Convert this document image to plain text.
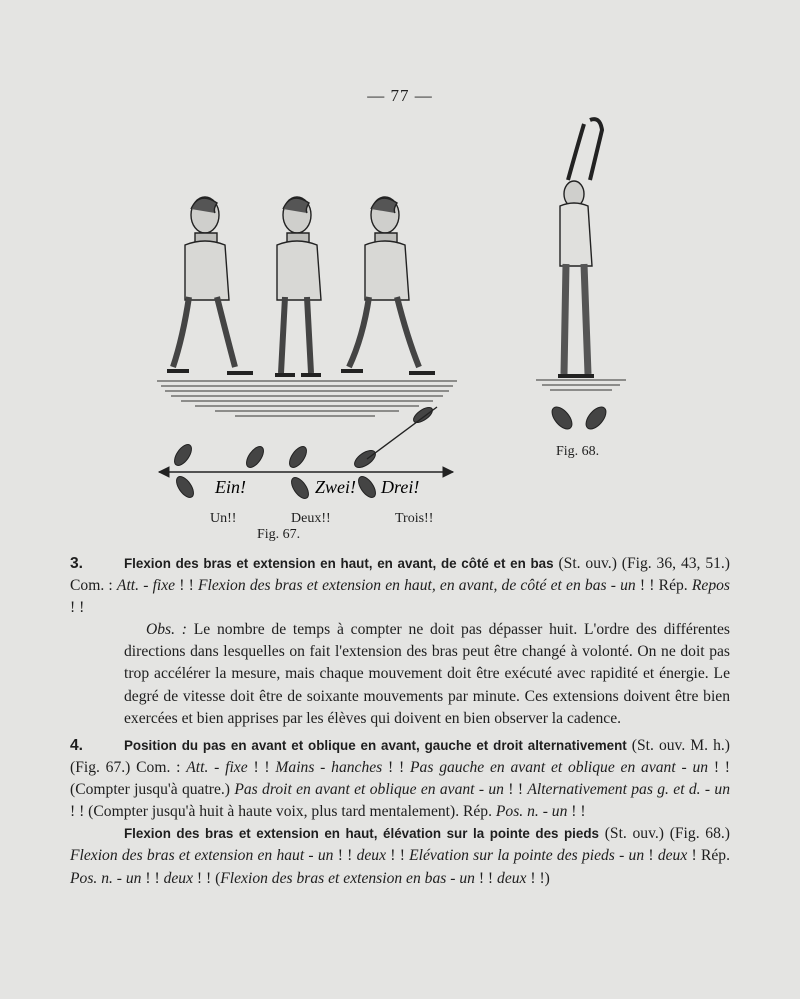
— 77 —
Ein!	Zwei! Drei!
Un!!	Deux!!	Trois!!
Fig. 67.
Fig. 68.

3.	Flexion des bras et extension en haut, en avant, de côté et en bas (St. ouv.) (Fig. 36, 43, 51.) Com. : Att. - fixe ! ! Flexion des bras et extension en haut, en avant, de côté et en bas - un ! ! Rép. Repos ! !

Obs. : Le nombre de temps à compter ne doit pas dépasser huit. L'ordre des différentes directions dans lesquelles on fait l'extension des bras peut être changé à volonté. On ne doit pas trop accélérer la mesure, mais chaque mouvement doit être exécuté avec rapidité et énergie. Le degré de vitesse doit être de soixante mouvements par minute. Ces extensions doivent être bien exercées et bien apprises par les élèves qui doivent en bien observer la cadence.

4.	Position du pas en avant et oblique en avant, gauche et droit alternativement (St. ouv. M. h.) (Fig. 67.) Com. : Att. - fixe ! ! Mains - hanches ! ! Pas gauche en avant et oblique en avant - un ! ! (Compter jusqu'à quatre.) Pas droit en avant et oblique en avant - un ! ! Alternativement pas g. et d. - un ! ! (Compter jusqu'à huit à haute voix, plus tard mentalement). Rép. Pos. n. - un ! !

Flexion des bras et extension en haut, élévation sur la pointe des pieds (St. ouv.) (Fig. 68.) Flexion des bras et extension en haut - un ! ! deux ! ! Elévation sur la pointe des pieds - un ! deux ! Rép. Pos. n. - un ! ! deux ! ! (Flexion des bras et extension en bas - un ! ! deux ! !)
